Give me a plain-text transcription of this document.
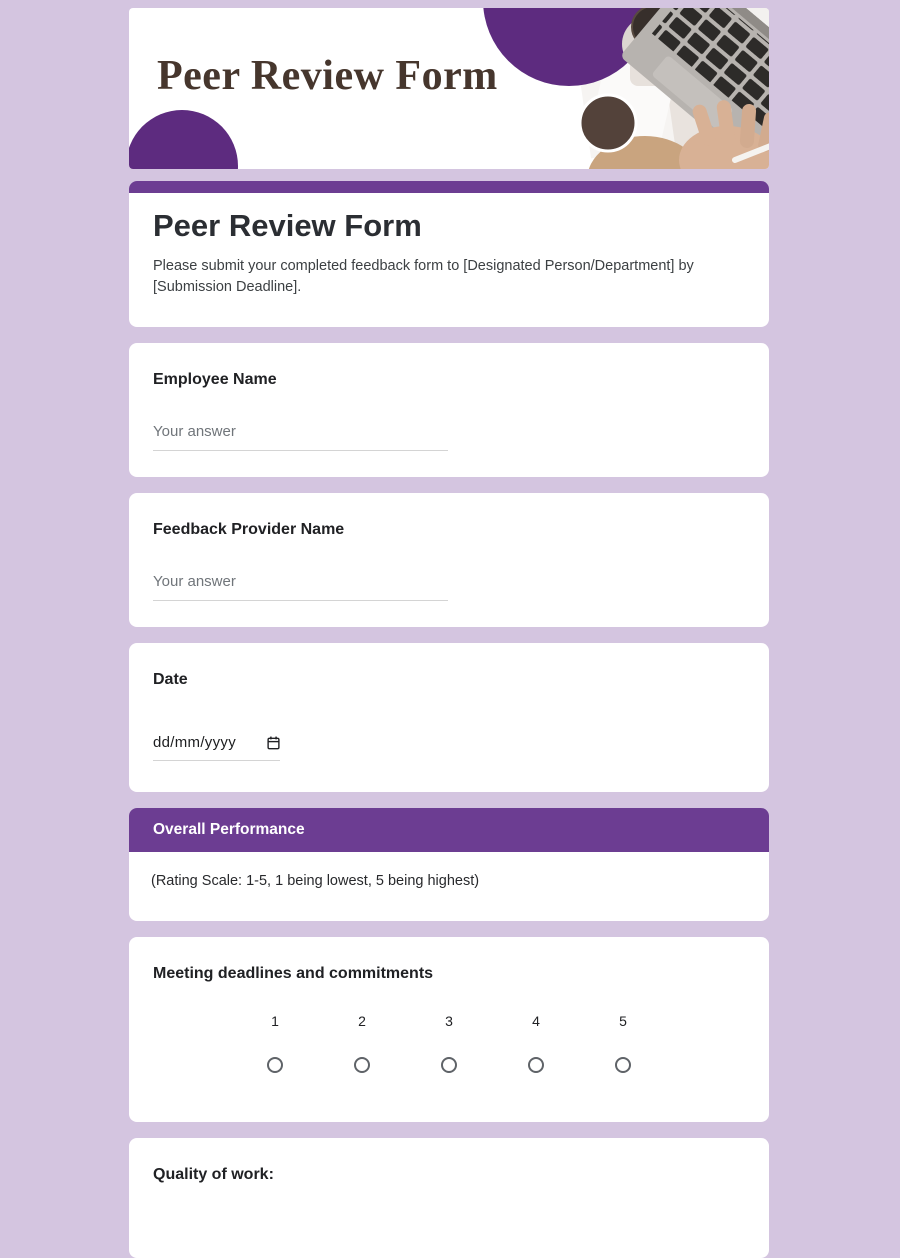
Peer Review Form
Peer Review Form

Please submit your completed feedback form to [Designated Person/Department] by [Submission Deadline].

Employee Name

Your answer

Feedback Provider Name

Your answer

Date

dd/mm/yyyy
Overall Performance
(Rating Scale: 1-5, 1 being lowest, 5 being highest)

Meeting deadlines and commitments

1	2	3	4	5

Quality of work:
